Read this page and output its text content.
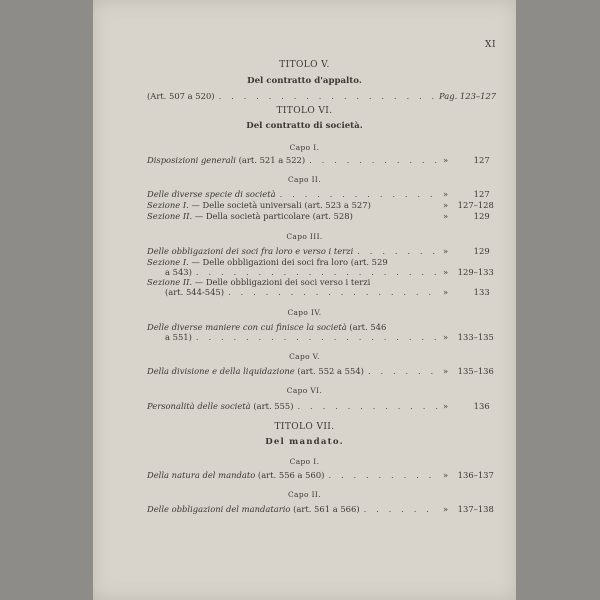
XI
TITOLO V.
Del contratto d'appalto.
(Art. 507 a 520) . . .	Pag. 123–127
TITOLO VI.
Del contratto di società.
Capo I.
Disposizioni generali (art. 521 a 522) . . .	»	127
Capo II.
Delle diverse specie di società . . .	»	127
Sezione I. — Delle società universali (art. 523 a 527)	» 127–128
Sezione II. — Della società particolare (art. 528)	»	129
Capo III.
Delle obbligazioni dei soci fra loro e verso i terzi . . .	»	129
Sezione I. — Delle obbligazioni dei soci fra loro (art. 529
a 543) . . .	» 129–133
Sezione II. — Delle obbligazioni dei soci verso i terzi
(art. 544-545) . . .	»	133
Capo IV.
Delle diverse maniere con cui finisce la società (art. 546
a 551) . . .	» 133–135
Capo V.
Della divisione e della liquidazione (art. 552 a 554) . . .	» 135–136
Capo VI.
Personalità delle società (art. 555) . . .	»	136
TITOLO VII.
Del mandato.
Capo I.
Della natura del mandato (art. 556 a 560) . . .	» 136–137
Capo II.
Delle obbligazioni del mandatario (art. 561 a 566) . . .	» 137–138
